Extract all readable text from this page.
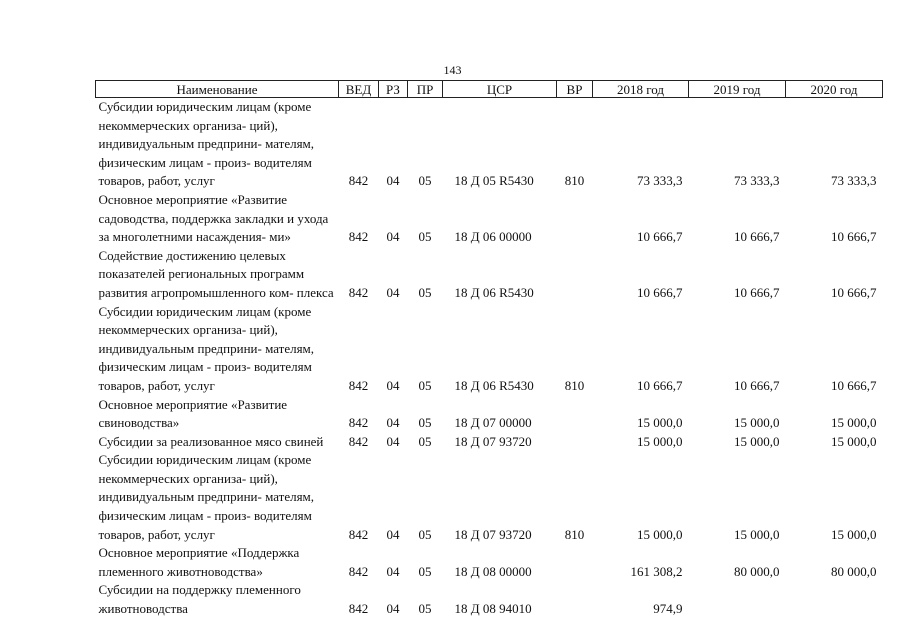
143
Наименование	ВЕД	РЗ	ПР	ЦСР	ВР	2018 год	2019 год	2020 год
Субсидии юридическим лицам (кроме некоммерческих организа- ций), индивидуальным предприни- мателям, физическим лицам - произ- водителям товаров, работ, услуг	842	04	05	18 Д 05 R5430	810	73 333,3	73 333,3	73 333,3
Основное мероприятие «Развитие садоводства, поддержка закладки и ухода за многолетними насаждения- ми»	842	04	05	18 Д 06 00000		10 666,7	10 666,7	10 666,7
Содействие достижению целевых показателей региональных программ развития агропромышленного ком- плекса	842	04	05	18 Д 06 R5430		10 666,7	10 666,7	10 666,7
Субсидии юридическим лицам (кроме некоммерческих организа- ций), индивидуальным предприни- мателям, физическим лицам - произ- водителям товаров, работ, услуг	842	04	05	18 Д 06 R5430	810	10 666,7	10 666,7	10 666,7
Основное мероприятие «Развитие свиноводства»	842	04	05	18 Д 07 00000		15 000,0	15 000,0	15 000,0
Субсидии за реализованное мясо свиней	842	04	05	18 Д 07 93720		15 000,0	15 000,0	15 000,0
Субсидии юридическим лицам (кроме некоммерческих организа- ций), индивидуальным предприни- мателям, физическим лицам - произ- водителям товаров, работ, услуг	842	04	05	18 Д 07 93720	810	15 000,0	15 000,0	15 000,0
Основное мероприятие «Поддержка племенного животноводства»	842	04	05	18 Д 08 00000		161 308,2	80 000,0	80 000,0
Субсидии на поддержку племенного животноводства	842	04	05	18 Д 08 94010		974,9		
